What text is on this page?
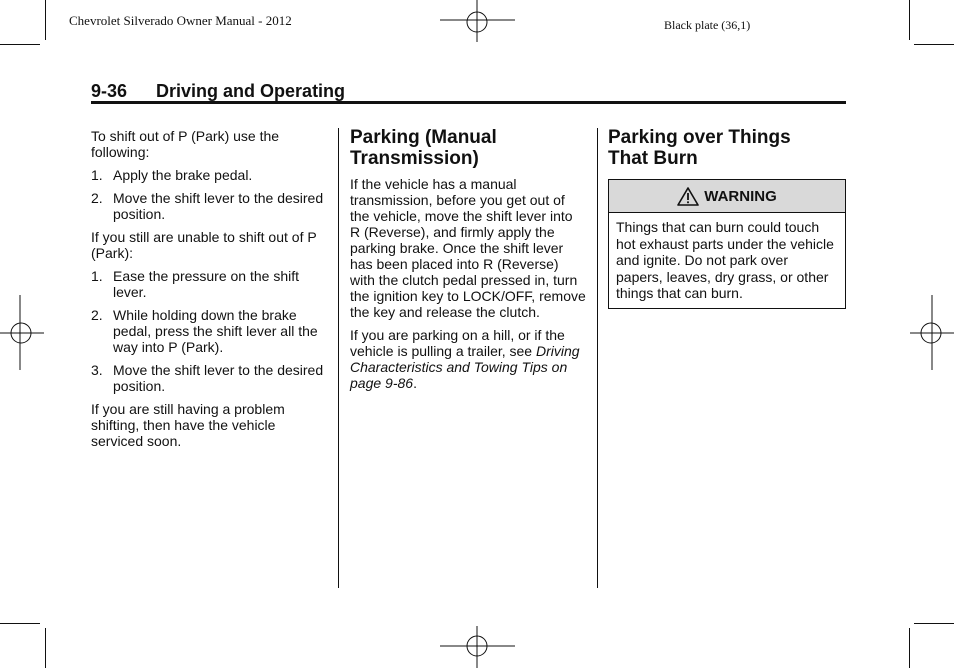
Chevrolet Silverado Owner Manual - 2012	Black plate (36,1)
9-36 Driving and Operating

To shift out of P (Park) use the following:

1. Apply the brake pedal.
2. Move the shift lever to the desired position.

If you still are unable to shift out of P (Park):

1. Ease the pressure on the shift lever.
2. While holding down the brake pedal, press the shift lever all the way into P (Park).
3. Move the shift lever to the desired position.

If you are still having a problem shifting, then have the vehicle serviced soon.

Parking (Manual
Transmission)

If the vehicle has a manual transmission, before you get out of the vehicle, move the shift lever into R (Reverse), and firmly apply the parking brake. Once the shift lever has been placed into R (Reverse) with the clutch pedal pressed in, turn the ignition key to LOCK/OFF, remove the key and release the clutch.

If you are parking on a hill, or if the vehicle is pulling a trailer, see Driving Characteristics and Towing Tips on page 9-86.

Parking over Things
That Burn
WARNING
Things that can burn could touch hot exhaust parts under the vehicle and ignite. Do not park over papers, leaves, dry grass, or other things that can burn.
